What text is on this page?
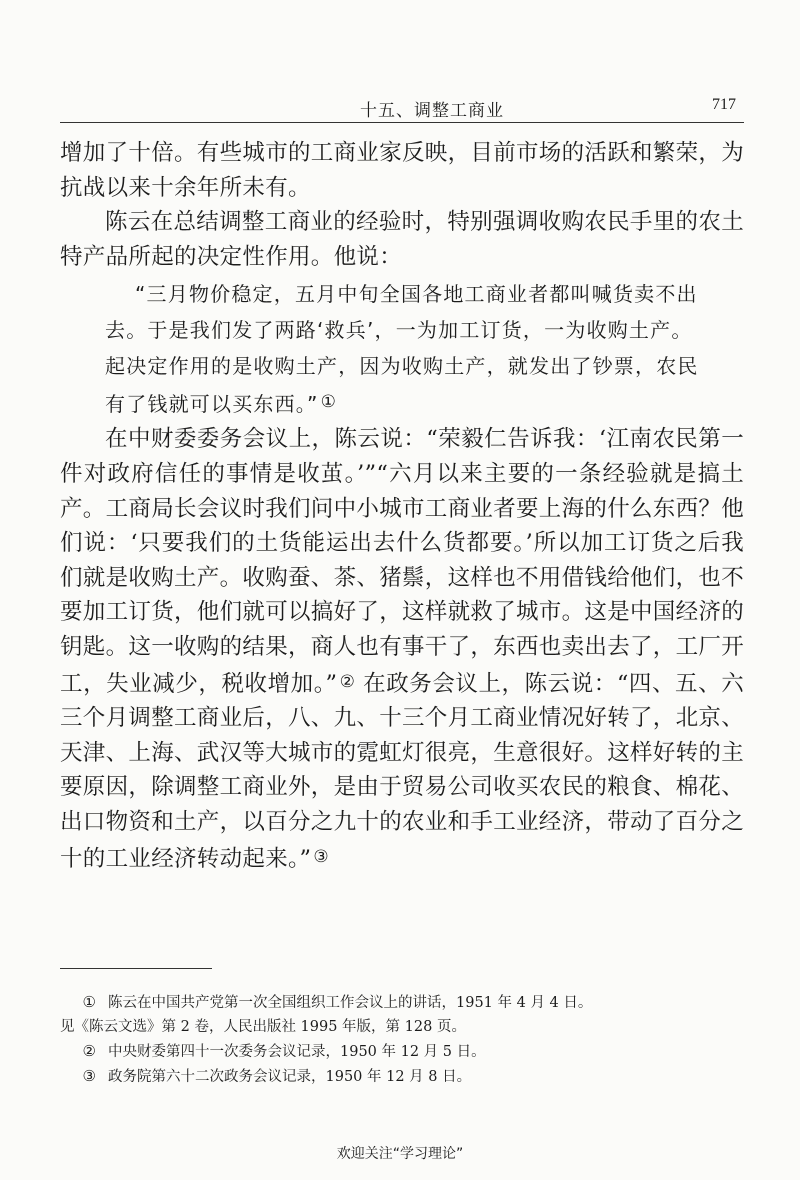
十五、调整工商业	717

增加了十倍。有些城市的工商业家反映，目前市场的活跃和繁荣，为抗战以来十余年所未有。

陈云在总结调整工商业的经验时，特别强调收购农民手里的农土特产品所起的决定性作用。他说：

“三月物价稳定，五月中旬全国各地工商业者都叫喊货卖不出去。于是我们发了两路‘救兵’，一为加工订货，一为收购土产。起决定作用的是收购土产，因为收购土产，就发出了钞票，农民有了钱就可以买东西。” ①

在中财委委务会议上，陈云说：“荣毅仁告诉我：‘江南农民第一件对政府信任的事情是收茧。’”“六月以来主要的一条经验就是搞土产。工商局长会议时我们问中小城市工商业者要上海的什么东西？他们说：‘只要我们的土货能运出去什么货都要。’所以加工订货之后我们就是收购土产。收购蚕、茶、猪鬃，这样也不用借钱给他们，也不要加工订货，他们就可以搞好了，这样就救了城市。这是中国经济的钥匙。这一收购的结果，商人也有事干了，东西也卖出去了，工厂开工，失业减少，税收增加。” ② 在政务会议上，陈云说：“四、五、六三个月调整工商业后，八、九、十三个月工商业情况好转了，北京、天津、上海、武汉等大城市的霓虹灯很亮，生意很好。这样好转的主要原因，除调整工商业外，是由于贸易公司收买农民的粮食、棉花、出口物资和土产，以百分之九十的农业和手工业经济，带动了百分之十的工业经济转动起来。” ③

① 陈云在中国共产党第一次全国组织工作会议上的讲话，1951 年 4 月 4 日。

见《陈云文选》第 2 卷，人民出版社 1995 年版，第 128 页。

② 中央财委第四十一次委务会议记录，1950 年 12 月 5 日。

③ 政务院第六十二次政务会议记录，1950 年 12 月 8 日。

欢迎关注“学习理论”
